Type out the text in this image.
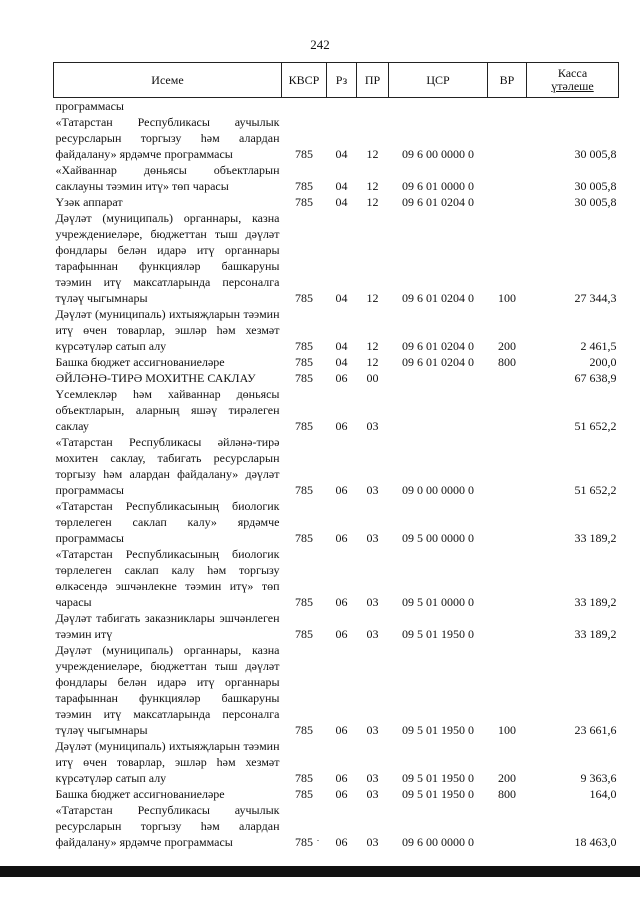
242
Исеме	КВСР	Рз	ПР	ЦСР	ВР	Касса
үтәлеше

программасы						
«Татарстан Республикасы аучылык ресурсларын торгызу һәм алардан файдалану» ярдәмче программасы	785	04	12	09 6 00 0000 0		30 005,8
«Хайваннар дөньясы объектларын саклауны тәэмин итү» төп чарасы	785	04	12	09 6 01 0000 0		30 005,8
Үзәк аппарат	785	04	12	09 6 01 0204 0		30 005,8
Дәүләт (муниципаль) органнары, казна учреждениеләре, бюджеттан тыш дәүләт фондлары белән идарә итү органнары тарафыннан функцияләр башкаруны тәэмин итү максатларында персоналга түләү чыгымнары	785	04	12	09 6 01 0204 0	100	27 344,3
Дәүләт (муниципаль) ихтыяҗларын тәэмин итү өчен товарлар, эшләр һәм хезмәт күрсәтүләр сатып алу	785	04	12	09 6 01 0204 0	200	2 461,5
Башка бюджет ассигнованиеләре	785	04	12	09 6 01 0204 0	800	200,0
ӘЙЛӘНӘ-ТИРӘ МОХИТНЕ САКЛАУ	785	06	00			67 638,9
Үсемлекләр һәм хайваннар дөньясы объектларын, аларның яшәү тирәлеген саклау	785	06	03			51 652,2
«Татарстан Республикасы әйләнә-тирә мохитен саклау, табигать ресурсларын торгызу һәм алардан файдалану» дәүләт программасы	785	06	03	09 0 00 0000 0		51 652,2
«Татарстан Республикасының биологик төрлелеген саклап калу» ярдәмче программасы	785	06	03	09 5 00 0000 0		33 189,2
«Татарстан Республикасының биологик төрлелеген саклап калу һәм торгызу өлкәсендә эшчәнлекне тәэмин итү» төп чарасы	785	06	03	09 5 01 0000 0		33 189,2
Дәүләт табигать заказниклары эшчәнлеген тәэмин итү	785	06	03	09 5 01 1950 0		33 189,2
Дәүләт (муниципаль) органнары, казна учреждениеләре, бюджеттан тыш дәүләт фондлары белән идарә итү органнары тарафыннан функцияләр башкаруны тәэмин итү максатларында персоналга түләү чыгымнары	785	06	03	09 5 01 1950 0	100	23 661,6
Дәүләт (муниципаль) ихтыяҗларын тәэмин итү өчен товарлар, эшләр һәм хезмәт күрсәтүләр сатып алу	785	06	03	09 5 01 1950 0	200	9 363,6
Башка бюджет ассигнованиеләре	785	06	03	09 5 01 1950 0	800	164,0
«Татарстан Республикасы аучылык ресурсларын торгызу һәм алардан файдалану» ярдәмче программасы	785	06	03	09 6 00 0000 0		18 463,0
